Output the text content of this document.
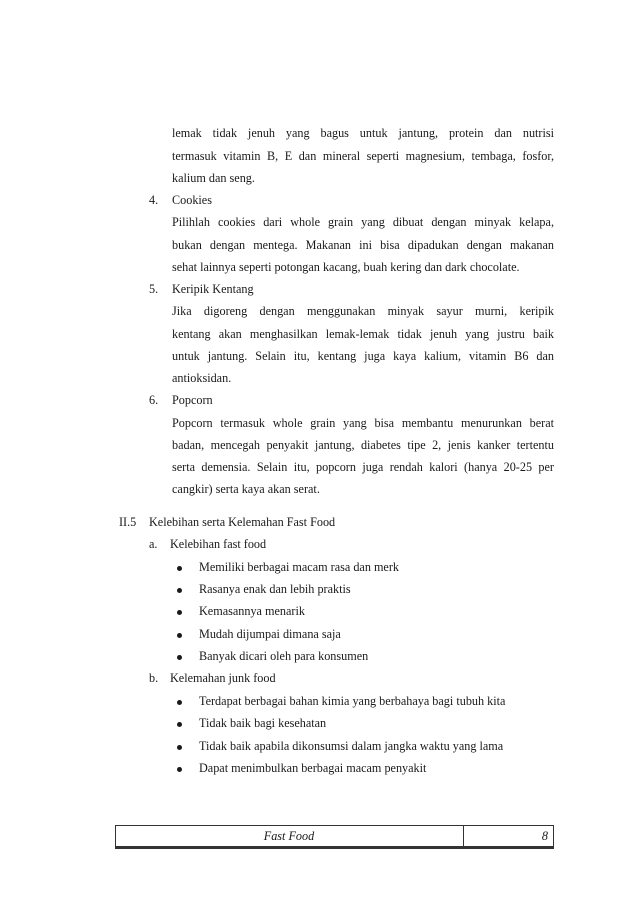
lemak tidak jenuh yang bagus untuk jantung, protein dan nutrisi
termasuk vitamin B, E dan mineral seperti magnesium, tembaga, fosfor,
kalium dan seng.
4. Cookies
Pilihlah cookies dari whole grain yang dibuat dengan minyak kelapa,
bukan dengan mentega. Makanan ini bisa dipadukan dengan makanan
sehat lainnya seperti potongan kacang, buah kering dan dark chocolate.
5. Keripik Kentang
Jika digoreng dengan menggunakan minyak sayur murni, keripik
kentang akan menghasilkan lemak-lemak tidak jenuh yang justru baik
untuk jantung. Selain itu, kentang juga kaya kalium, vitamin B6 dan
antioksidan.
6. Popcorn
Popcorn termasuk whole grain yang bisa membantu menurunkan berat
badan, mencegah penyakit jantung, diabetes tipe 2, jenis kanker tertentu
serta demensia. Selain itu, popcorn juga rendah kalori (hanya 20-25 per
cangkir) serta kaya akan serat.
II.5 Kelebihan serta Kelemahan Fast Food
a. Kelebihan fast food
Memiliki berbagai macam rasa dan merk
Rasanya enak dan lebih praktis
Kemasannya menarik
Mudah dijumpai dimana saja
Banyak dicari oleh para konsumen
b. Kelemahan junk food
Terdapat berbagai bahan kimia yang berbahaya bagi tubuh kita
Tidak baik bagi kesehatan
Tidak baik apabila dikonsumsi dalam jangka waktu yang lama
Dapat menimbulkan berbagai macam penyakit
Fast Food	8
